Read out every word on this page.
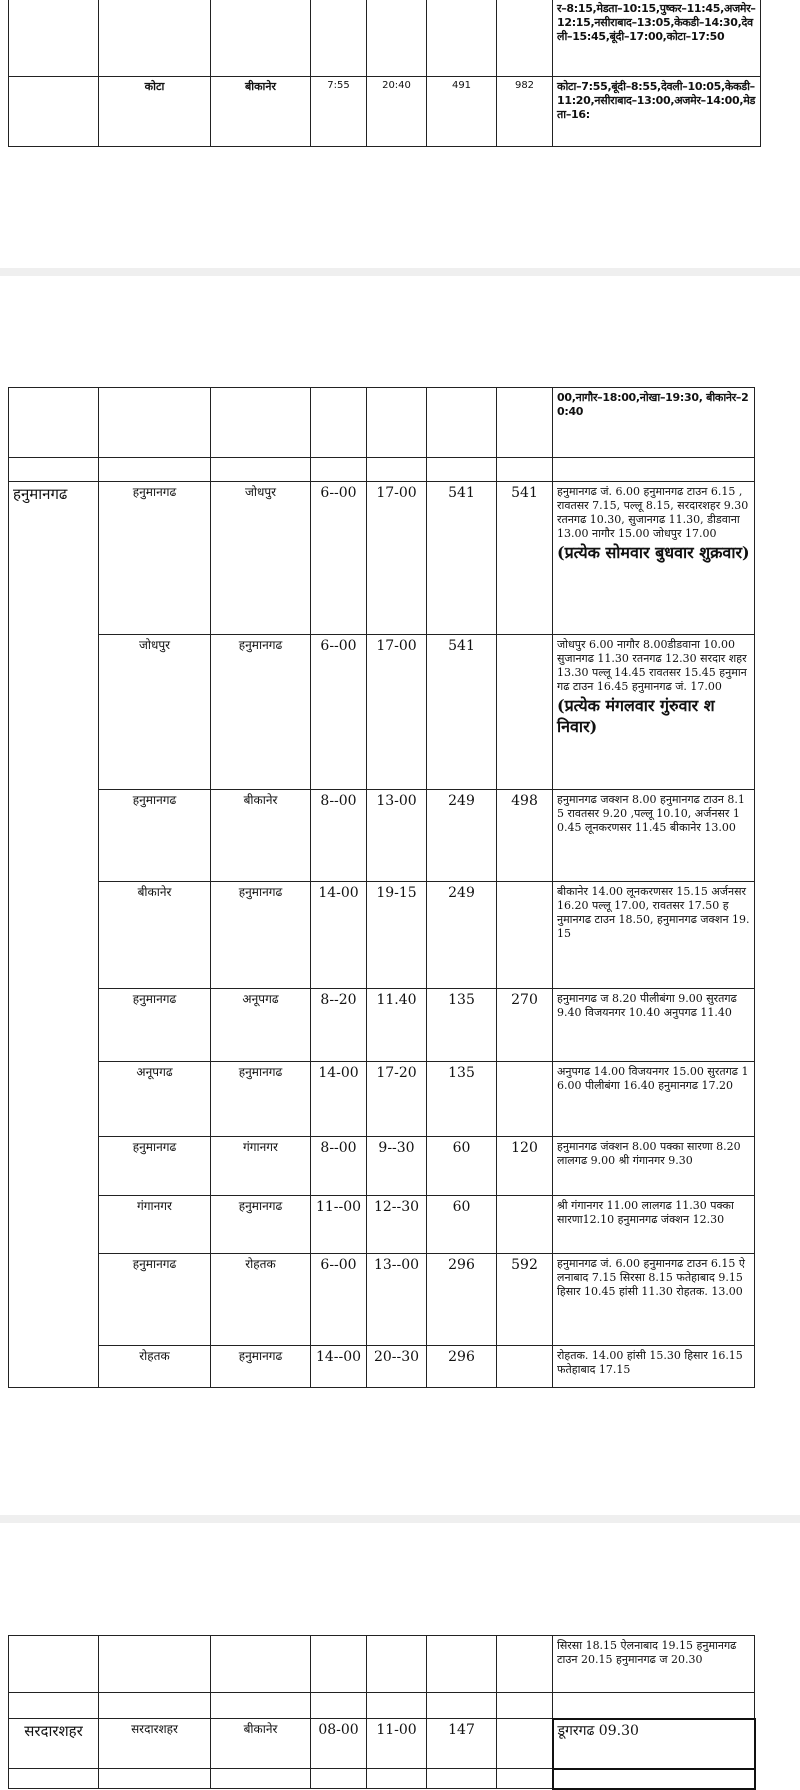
							र–8:15,मेडता–10:15,पुष्कर–11:45,अजमेर–12:15,नसीराबाद–13:05,केकडी–14:30,देवली–15:45,बूंदी–17:00,कोटा–17:50
	कोटा	बीकानेर	7:55	20:40	491	982	कोटा–7:55,बूंदी–8:55,देवली–10:05,केकडी–11:20,नसीराबाद–13:00,अजमेर–14:00,मेडता–16:
							00,नागौर–18:00,नोखा–19:30, बीकानेर–20:40

हनुमानगढ	हनुमानगढ	जोधपुर	6--00	17-00	541	541	हनुमानगढ जं. 6.00 हनुमानगढ टाउन 6.15 ,रावतसर 7.15, पल्लू 8.15, सरदारशहर 9.30 रतनगढ 10.30, सुजानगढ 11.30, डीडवाना 13.00 नागौर 15.00 जोधपुर 17.00
(प्रत्येक सोमवार बुधवार शुक्रवार)

	जोधपुर	हनुमानगढ	6--00	17-00	541		जोधपुर 6.00 नागौर 8.00डीडवाना 10.00 सुजानगढ 11.30 रतनगढ 12.30 सरदार शहर 13.30 पल्लू 14.45 रावतसर 15.45 हनुमानगढ टाउन 16.45 हनुमानगढ जं. 17.00
(प्रत्येक मंगलवार गुंरुवार शनिवार)

	हनुमानगढ	बीकानेर	8--00	13-00	249	498	हनुमानगढ जक्शन 8.00 हनुमानगढ टाउन 8.15 रावतसर 9.20 ,पल्लू 10.10, अर्जनसर 10.45 लूनकरणसर 11.45 बीकानेर 13.00
	बीकानेर	हनुमानगढ	14-00	19-15	249		बीकानेर 14.00 लूनकरणसर 15.15 अर्जनसर 16.20 पल्लू 17.00, रावतसर 17.50 हनुमानगढ टाउन 18.50, हनुमानगढ जक्शन 19.15
	हनुमानगढ	अनूपगढ	8--20	11.40	135	270	हनुमानगढ ज 8.20 पीलीबंगा 9.00 सुरतगढ 9.40 विजयनगर 10.40 अनुपगढ 11.40
	अनूपगढ	हनुमानगढ	14-00	17-20	135		अनुपगढ 14.00 विजयनगर 15.00 सुरतगढ 16.00 पीलीबंगा 16.40 हनुमानगढ 17.20
	हनुमानगढ	गंगानगर	8--00	9--30	60	120	हनुमानगढ जंक्शन 8.00 पक्का सारणा 8.20 लालगढ 9.00 श्री गंगानगर 9.30
	गंगानगर	हनुमानगढ	11--00	12--30	60		श्री गंगानगर 11.00 लालगढ 11.30 पक्का सारणा12.10 हनुमानगढ जंक्शन 12.30
	हनुमानगढ	रोहतक	6--00	13--00	296	592	हनुमानगढ जं. 6.00 हनुमानगढ टाउन 6.15 ऐलनाबाद 7.15 सिरसा 8.15 फतेहाबाद 9.15 हिसार 10.45 हांसी 11.30 रोहतक. 13.00
	रोहतक	हनुमानगढ	14--00	20--30	296		रोहतक. 14.00 हांसी 15.30 हिसार 16.15 फतेहाबाद 17.15
							सिरसा 18.15 ऐलनाबाद 19.15 हनुमानगढ टाउन 20.15 हनुमानगढ ज 20.30

सरदारशहर	सरदारशहर	बीकानेर	08-00	11-00	147		डूगरगढ 09.30
